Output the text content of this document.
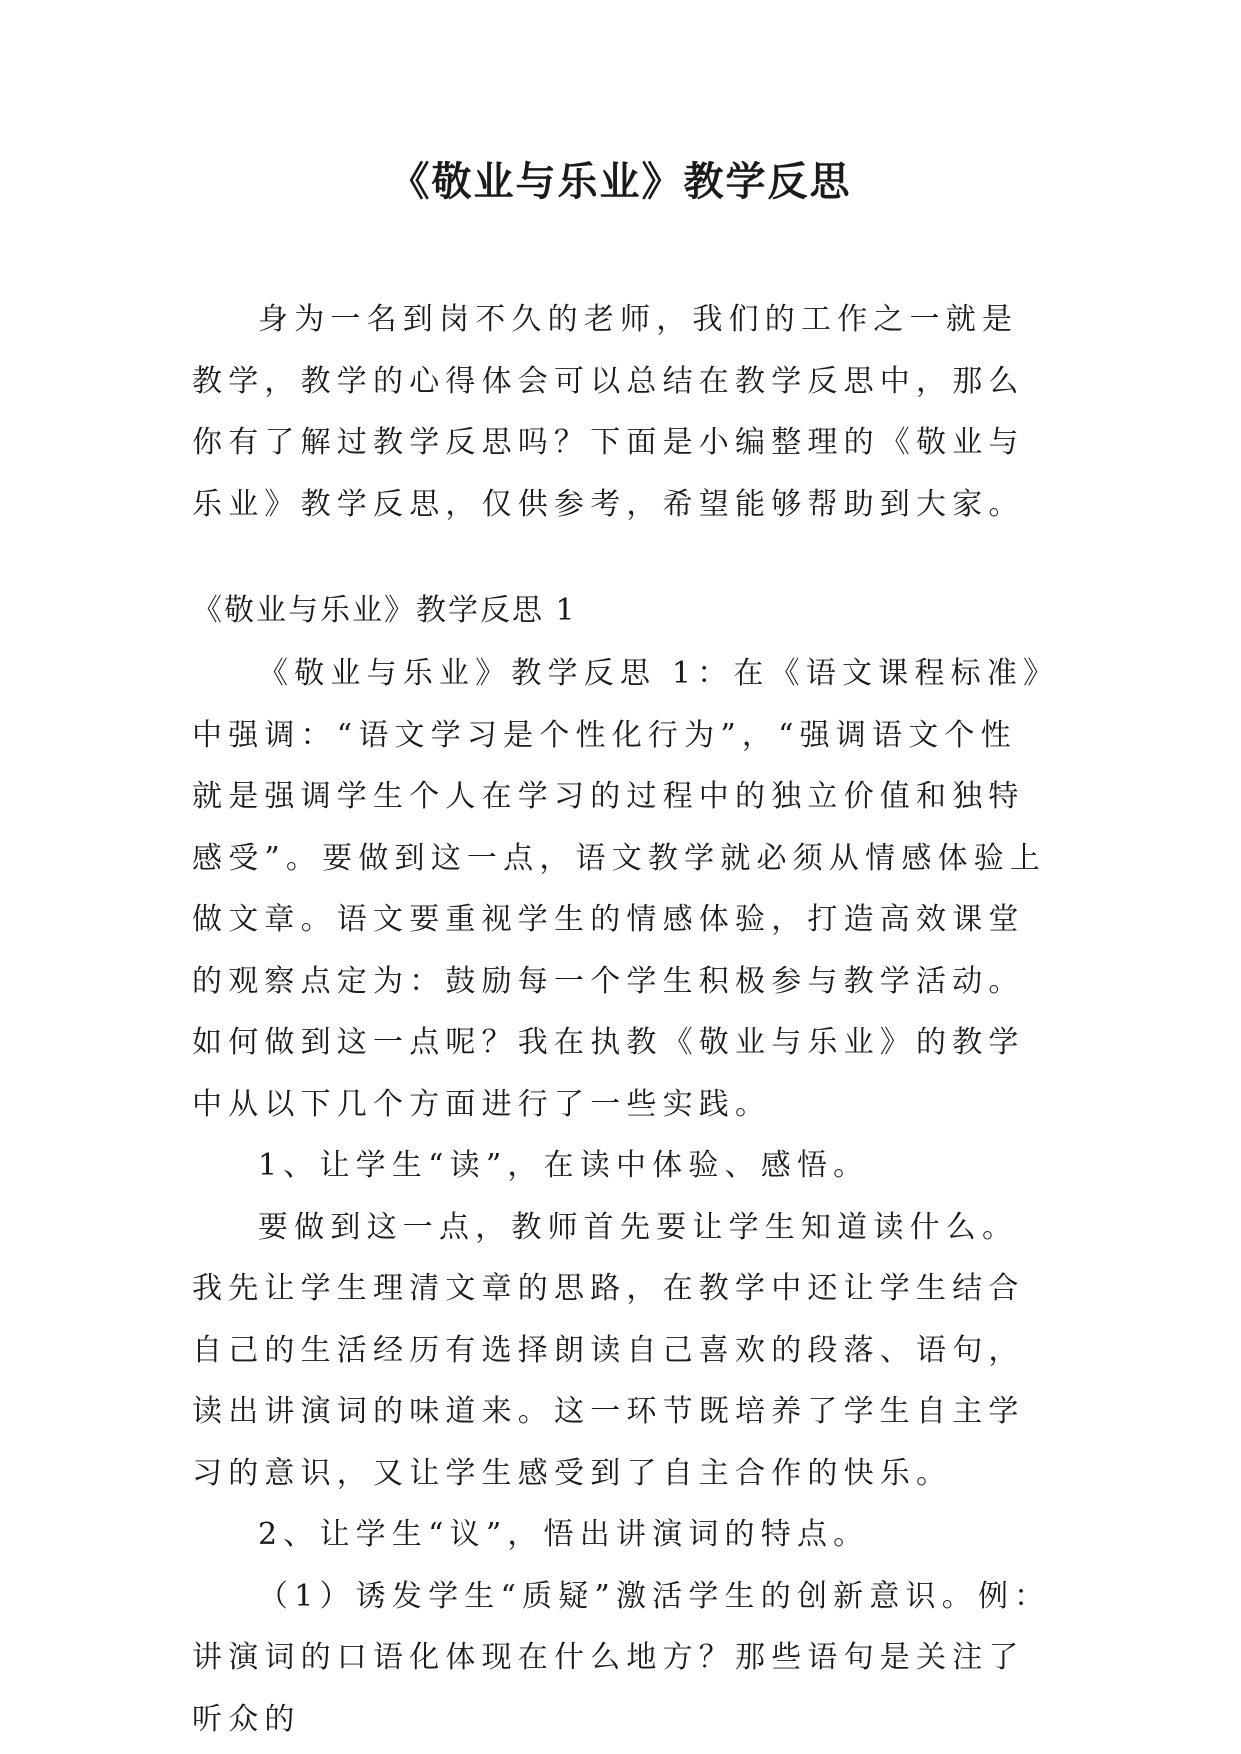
《敬业与乐业》教学反思

身为一名到岗不久的老师，我们的工作之一就是教学，教学的心得体会可以总结在教学反思中，那么你有了解过教学反思吗？下面是小编整理的《敬业与乐业》教学反思，仅供参考，希望能够帮助到大家。

《敬业与乐业》教学反思 1

《敬业与乐业》教学反思 1：在《语文课程标准》中强调：“语文学习是个性化行为”，“强调语文个性就是强调学生个人在学习的过程中的独立价值和独特感受”。要做到这一点，语文教学就必须从情感体验上做文章。语文要重视学生的情感体验，打造高效课堂的观察点定为：鼓励每一个学生积极参与教学活动。如何做到这一点呢？我在执教《敬业与乐业》的教学中从以下几个方面进行了一些实践。

1、让学生“读”，在读中体验、感悟。

要做到这一点，教师首先要让学生知道读什么。我先让学生理清文章的思路，在教学中还让学生结合自己的生活经历有选择朗读自己喜欢的段落、语句，读出讲演词的味道来。这一环节既培养了学生自主学习的意识，又让学生感受到了自主合作的快乐。

2、让学生“议”，悟出讲演词的特点。

（1）诱发学生“质疑”激活学生的创新意识。例：讲演词的口语化体现在什么地方？那些语句是关注了听众的
